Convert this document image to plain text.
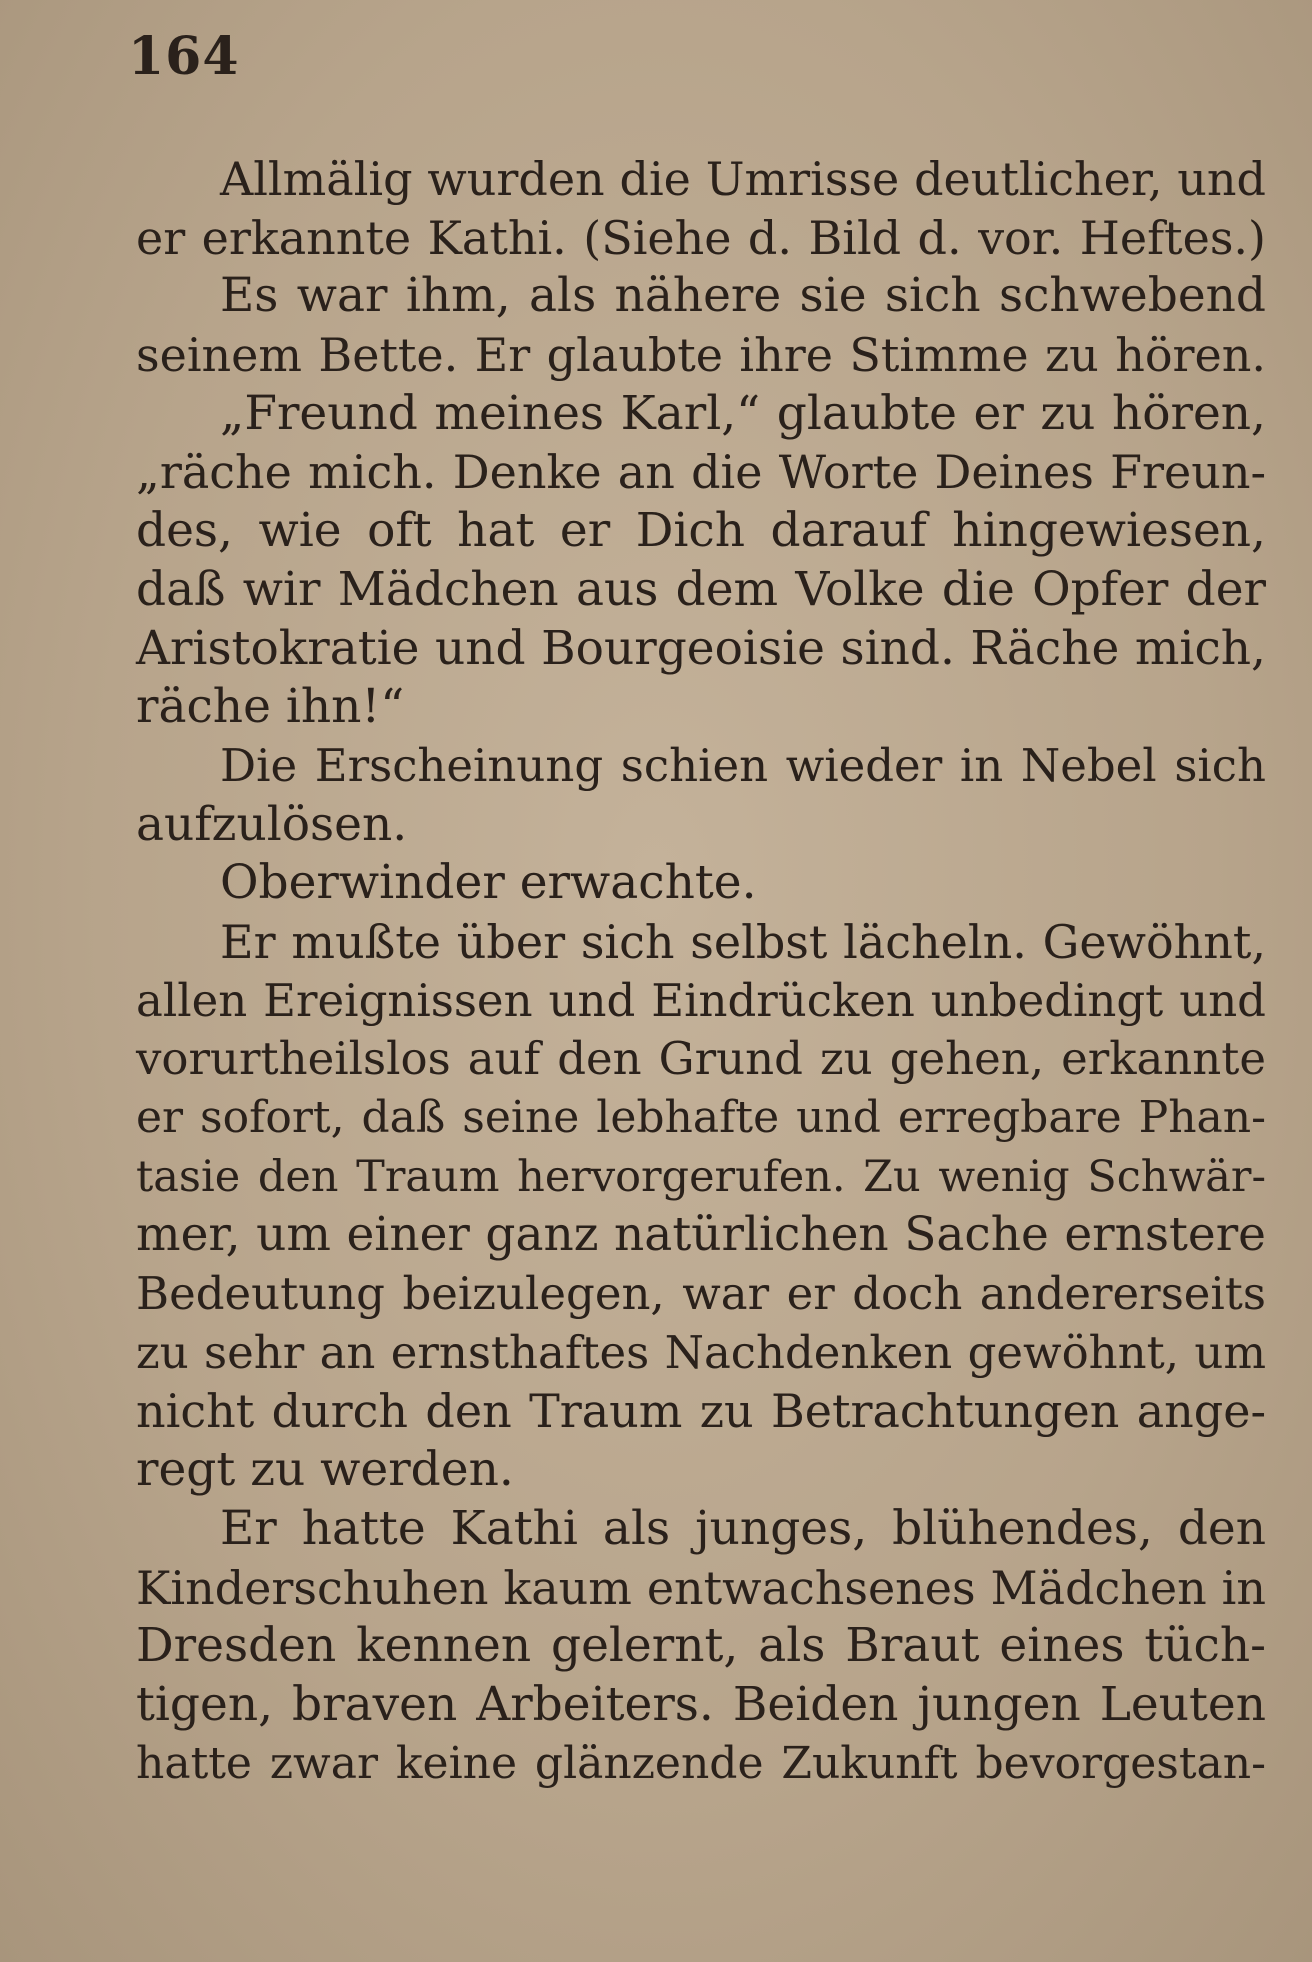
164

Allmälig wurden die Umrisse deutlicher, und
er erkannte Kathi. (Siehe d. Bild d. vor. Heftes.)
Es war ihm, als nähere sie sich schwebend
seinem Bette. Er glaubte ihre Stimme zu hören.
„Freund meines Karl,“ glaubte er zu hören,
„räche mich. Denke an die Worte Deines Freun-
des, wie oft hat er Dich darauf hingewiesen,
daß wir Mädchen aus dem Volke die Opfer der
Aristokratie und Bourgeoisie sind. Räche mich,
räche ihn!“
Die Erscheinung schien wieder in Nebel sich
aufzulösen.
Oberwinder erwachte.
Er mußte über sich selbst lächeln. Gewöhnt,
allen Ereignissen und Eindrücken unbedingt und
vorurtheilslos auf den Grund zu gehen, erkannte
er sofort, daß seine lebhafte und erregbare Phan-
tasie den Traum hervorgerufen. Zu wenig Schwär-
mer, um einer ganz natürlichen Sache ernstere
Bedeutung beizulegen, war er doch andererseits
zu sehr an ernsthaftes Nachdenken gewöhnt, um
nicht durch den Traum zu Betrachtungen ange-
regt zu werden.
Er hatte Kathi als junges, blühendes, den
Kinderschuhen kaum entwachsenes Mädchen in
Dresden kennen gelernt, als Braut eines tüch-
tigen, braven Arbeiters. Beiden jungen Leuten
hatte zwar keine glänzende Zukunft bevorgestan-
